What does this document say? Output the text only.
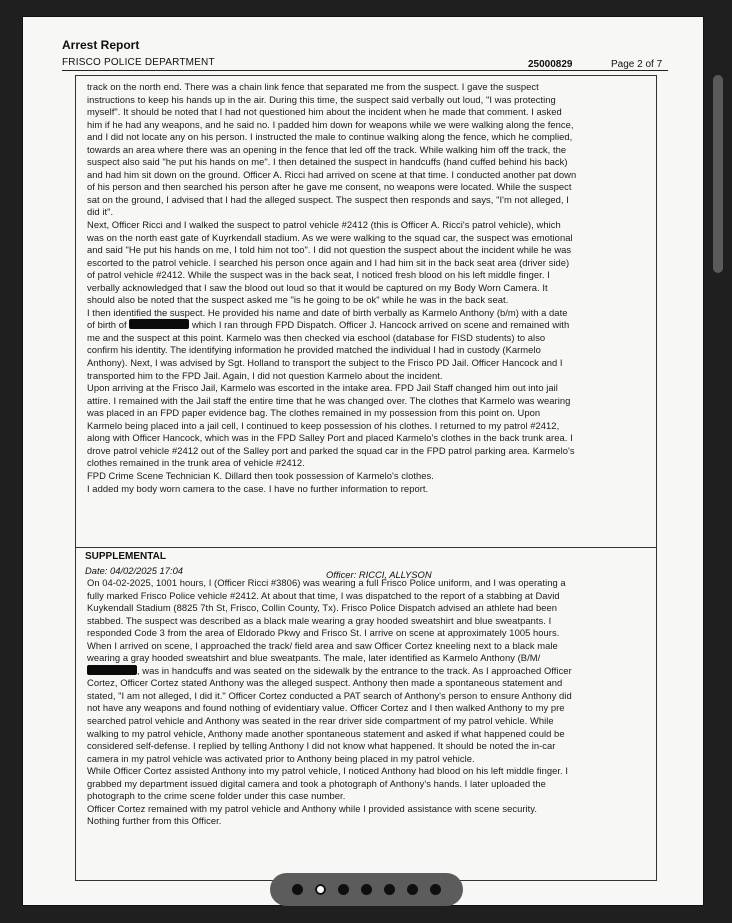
Arrest Report
FRISCO POLICE DEPARTMENT	25000829	Page 2 of 7

track on the north end. There was a chain link fence that separated me from the suspect. I gave the suspect instructions to keep his hands up in the air. During this time, the suspect said verbally out loud, "I was protecting myself". It should be noted that I had not questioned him about the incident when he made that comment. I asked him if he had any weapons, and he said no. I padded him down for weapons while we were walking along the fence, and I did not locate any on his person. I instructed the male to continue walking along the fence, which he complied, towards an area where there was an opening in the fence that led off the track. While walking him off the track, the suspect also said "he put his hands on me". I then detained the suspect in handcuffs (hand cuffed behind his back) and had him sit down on the ground. Officer A. Ricci had arrived on scene at that time. I conducted another pat down of his person and then searched his person after he gave me consent, no weapons were located. While the suspect sat on the ground, I advised that I had the alleged suspect. The suspect then responds and says, "I'm not alleged, I did it".

Next, Officer Ricci and I walked the suspect to patrol vehicle #2412 (this is Officer A. Ricci's patrol vehicle), which was on the north east gate of Kuyrkendall stadium. As we were walking to the squad car, the suspect was emotional and said "He put his hands on me, I told him not too". I did not question the suspect about the incident while he was escorted to the patrol vehicle. I searched his person once again and I had him sit in the back seat area (driver side) of patrol vehicle #2412. While the suspect was in the back seat, I noticed fresh blood on his left middle finger. I verbally acknowledged that I saw the blood out loud so that it would be captured on my Body Worn Camera. It should also be noted that the suspect asked me "is he going to be ok" while he was in the back seat.

I then identified the suspect. He provided his name and date of birth verbally as Karmelo Anthony (b/m) with a date of birth of	which I ran through FPD Dispatch. Officer J. Hancock arrived on scene and remained with me and the suspect at this point. Karmelo was then checked via eschool (database for FISD students) to also confirm his identity. The identifying information he provided matched the individual I had in custody (Karmelo Anthony). Next, I was advised by Sgt. Holland to transport the subject to the Frisco PD Jail. Officer Hancock and I transported him to the FPD Jail. Again, I did not question Karmelo about the incident.

Upon arriving at the Frisco Jail, Karmelo was escorted in the intake area. FPD Jail Staff changed him out into jail attire. I remained with the Jail staff the entire time that he was changed over. The clothes that Karmelo was wearing was placed in an FPD paper evidence bag. The clothes remained in my possession from this point on. Upon Karmelo being placed into a jail cell, I continued to keep possession of his clothes. I returned to my patrol #2412, along with Officer Hancock, which was in the FPD Salley Port and placed Karmelo's clothes in the back trunk area. I drove patrol vehicle #2412 out of the Salley port and parked the squad car in the FPD patrol parking area. Karmelo's clothes remained in the trunk area of vehicle #2412.

FPD Crime Scene Technician K. Dillard then took possession of Karmelo's clothes.

I added my body worn camera to the case. I have no further information to report.

SUPPLEMENTAL
Date: 04/02/2025 17:04	Officer: RICCI, ALLYSON

On 04-02-2025, 1001 hours, I (Officer Ricci #3806) was wearing a full Frisco Police uniform, and I was operating a fully marked Frisco Police vehicle #2412. At about that time, I was dispatched to the report of a stabbing at David Kuykendall Stadium (8825 7th St, Frisco, Collin County, Tx). Frisco Police Dispatch advised an athlete had been stabbed. The suspect was described as a black male wearing a gray hooded sweatshirt and blue sweatpants. I responded Code 3 from the area of Eldorado Pkwy and Frisco St. I arrive on scene at approximately 1005 hours.

When I arrived on scene, I approached the track/ field area and saw Officer Cortez kneeling next to a black male wearing a gray hooded sweatshirt and blue sweatpants. The male, later identified as Karmelo Anthony (B/M/, was in handcuffs and was seated on the sidewalk by the entrance to the track. As I approached Officer Cortez, Officer Cortez stated Anthony was the alleged suspect. Anthony then made a spontaneous statement and stated, "I am not alleged, I did it." Officer Cortez conducted a PAT search of Anthony's person to ensure Anthony did not have any weapons and found nothing of evidentiary value. Officer Cortez and I then walked Anthony to my pre searched patrol vehicle and Anthony was seated in the rear driver side compartment of my patrol vehicle. While walking to my patrol vehicle, Anthony made another spontaneous statement and asked if what happened could be considered self-defense. I replied by telling Anthony I did not know what happened. It should be noted the in-car camera in my patrol vehicle was activated prior to Anthony being placed in my patrol vehicle.

While Officer Cortez assisted Anthony into my patrol vehicle, I noticed Anthony had blood on his left middle finger. I grabbed my department issued digital camera and took a photograph of Anthony's hands. I later uploaded the photograph to the crime scene folder under this case number.

Officer Cortez remained with my patrol vehicle and Anthony while I provided assistance with scene security.

Nothing further from this Officer.
